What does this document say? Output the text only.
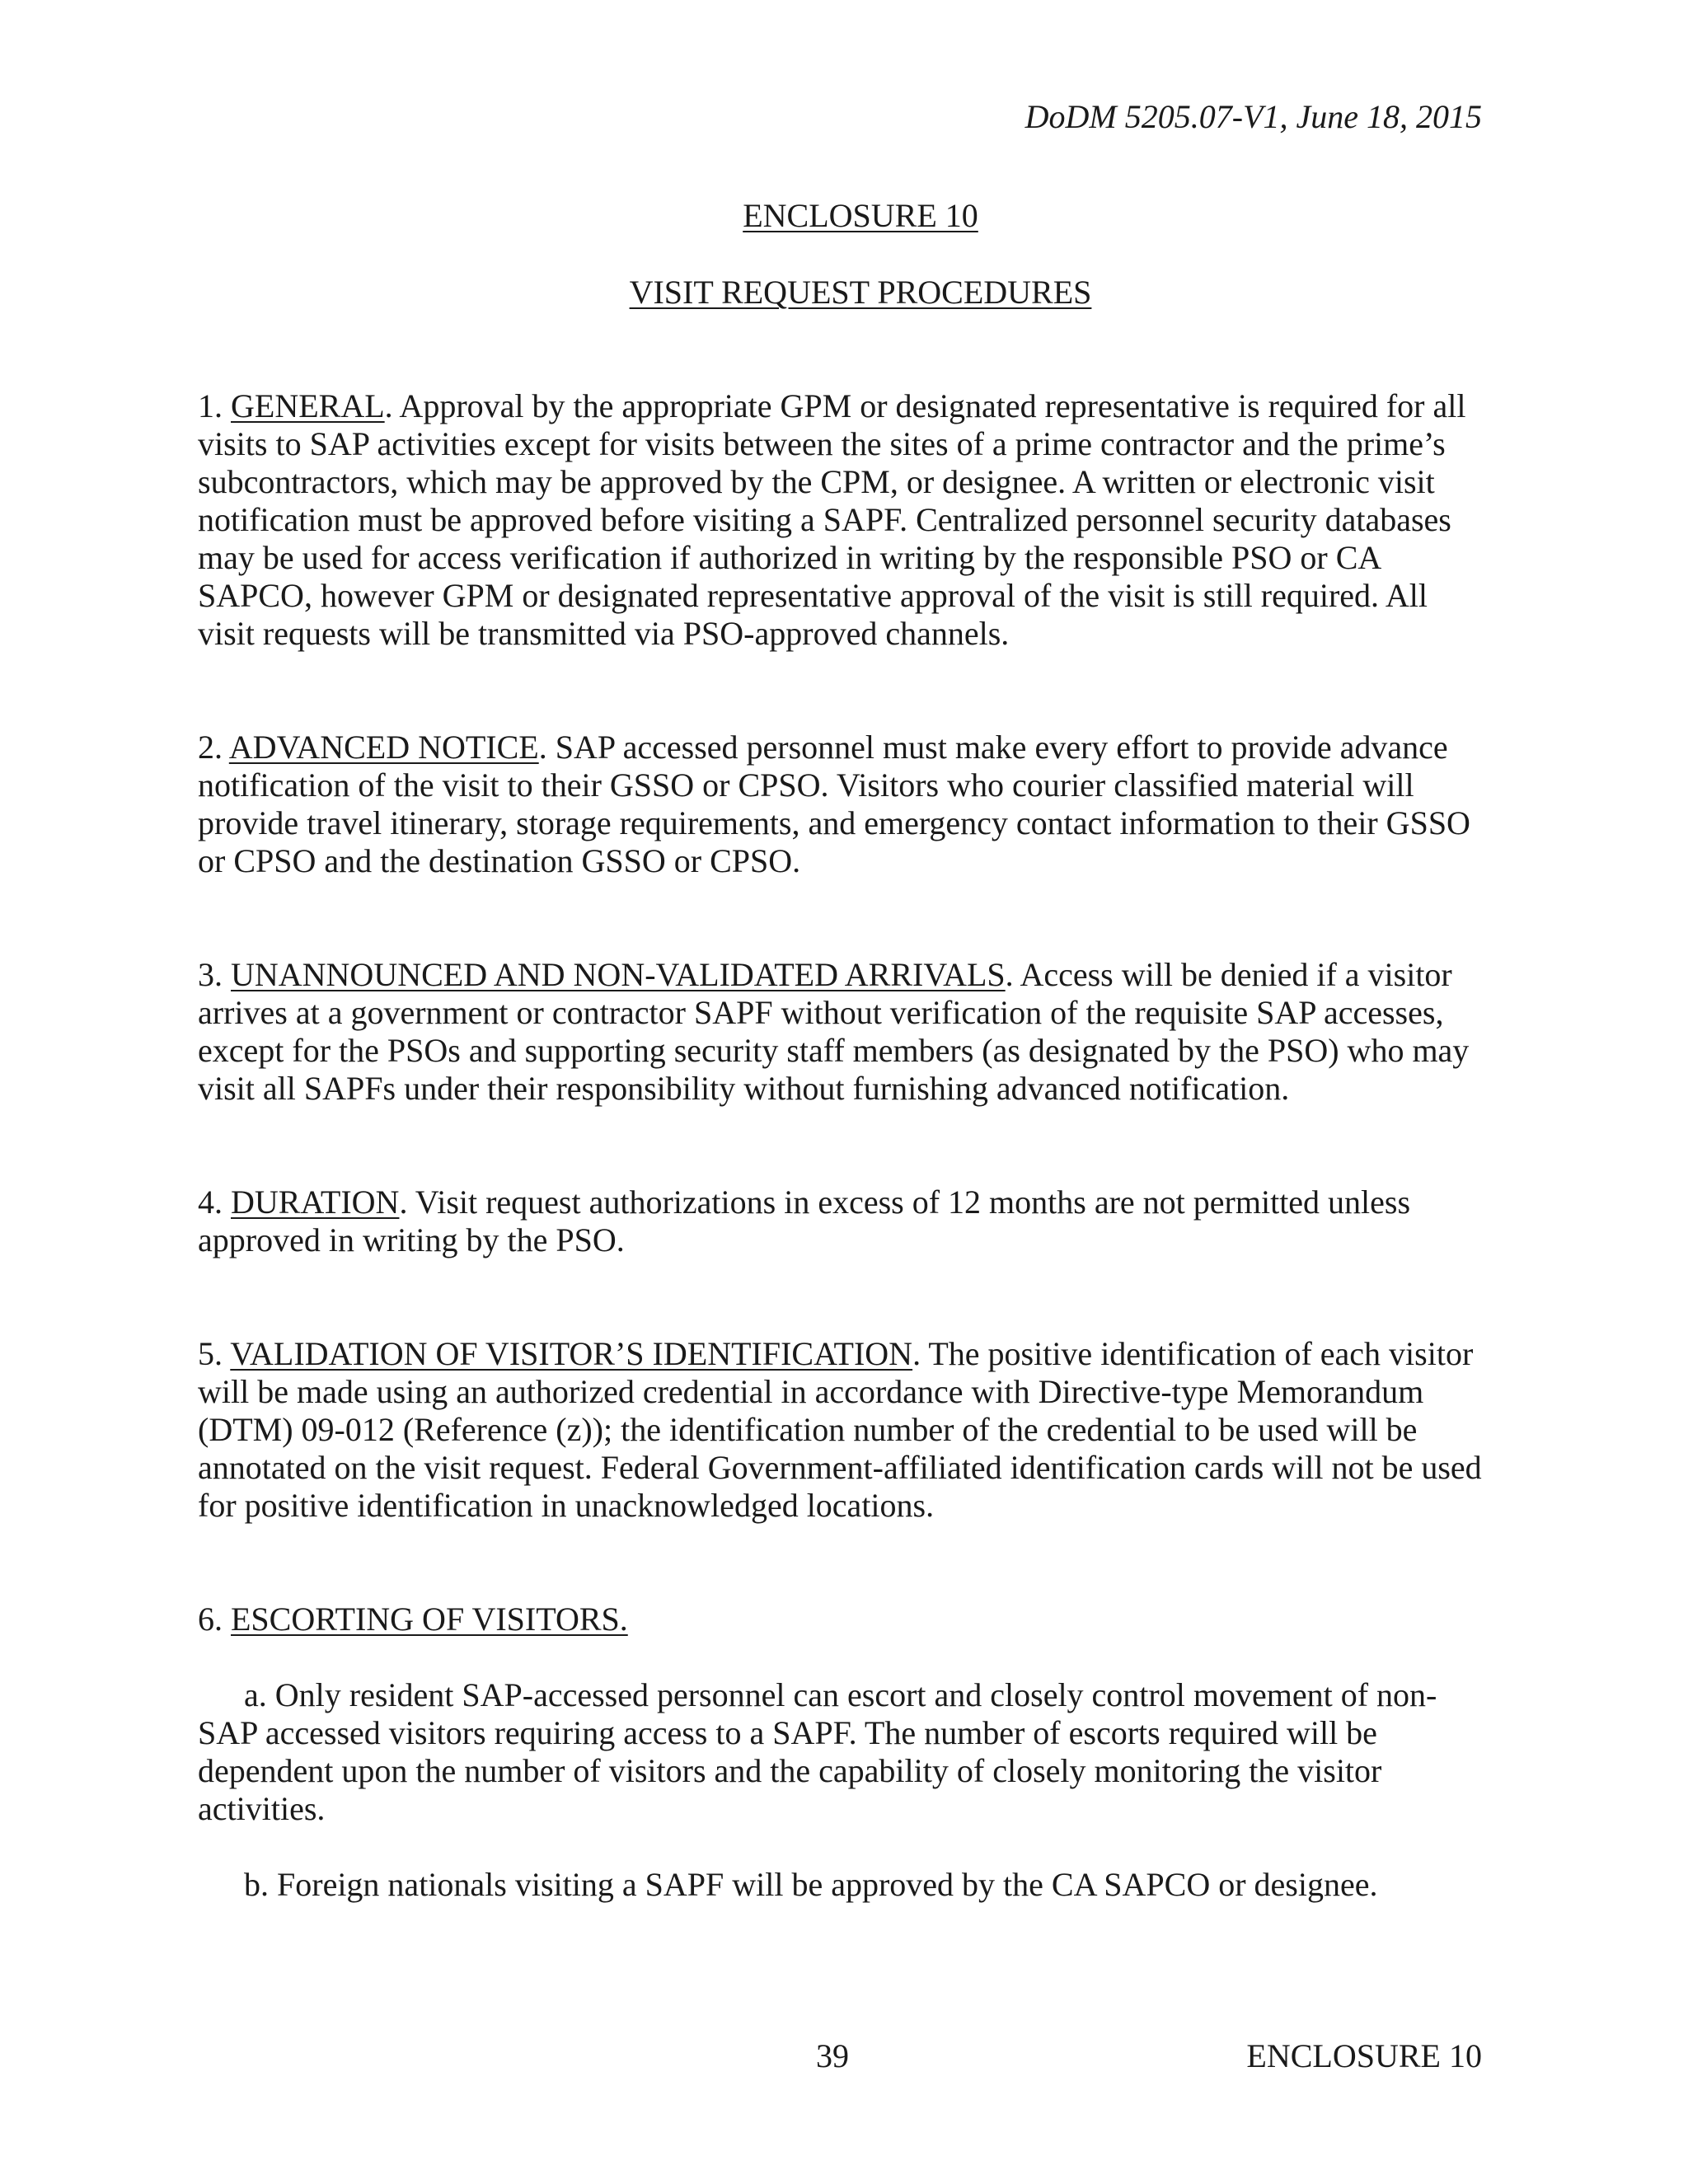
DoDM 5205.07-V1, June 18, 2015
ENCLOSURE 10
VISIT REQUEST PROCEDURES

1. GENERAL. Approval by the appropriate GPM or designated representative is required for all visits to SAP activities except for visits between the sites of a prime contractor and the prime’s subcontractors, which may be approved by the CPM, or designee. A written or electronic visit notification must be approved before visiting a SAPF. Centralized personnel security databases may be used for access verification if authorized in writing by the responsible PSO or CA SAPCO, however GPM or designated representative approval of the visit is still required. All visit requests will be transmitted via PSO-approved channels.

2. ADVANCED NOTICE. SAP accessed personnel must make every effort to provide advance notification of the visit to their GSSO or CPSO. Visitors who courier classified material will provide travel itinerary, storage requirements, and emergency contact information to their GSSO or CPSO and the destination GSSO or CPSO.

3. UNANNOUNCED AND NON-VALIDATED ARRIVALS. Access will be denied if a visitor arrives at a government or contractor SAPF without verification of the requisite SAP accesses, except for the PSOs and supporting security staff members (as designated by the PSO) who may visit all SAPFs under their responsibility without furnishing advanced notification.

4. DURATION. Visit request authorizations in excess of 12 months are not permitted unless approved in writing by the PSO.

5. VALIDATION OF VISITOR’S IDENTIFICATION. The positive identification of each visitor will be made using an authorized credential in accordance with Directive-type Memorandum (DTM) 09-012 (Reference (z)); the identification number of the credential to be used will be annotated on the visit request. Federal Government-affiliated identification cards will not be used for positive identification in unacknowledged locations.

6. ESCORTING OF VISITORS.

a. Only resident SAP-accessed personnel can escort and closely control movement of non-SAP accessed visitors requiring access to a SAPF. The number of escorts required will be dependent upon the number of visitors and the capability of closely monitoring the visitor activities.

b. Foreign nationals visiting a SAPF will be approved by the CA SAPCO or designee.

39	ENCLOSURE 10
